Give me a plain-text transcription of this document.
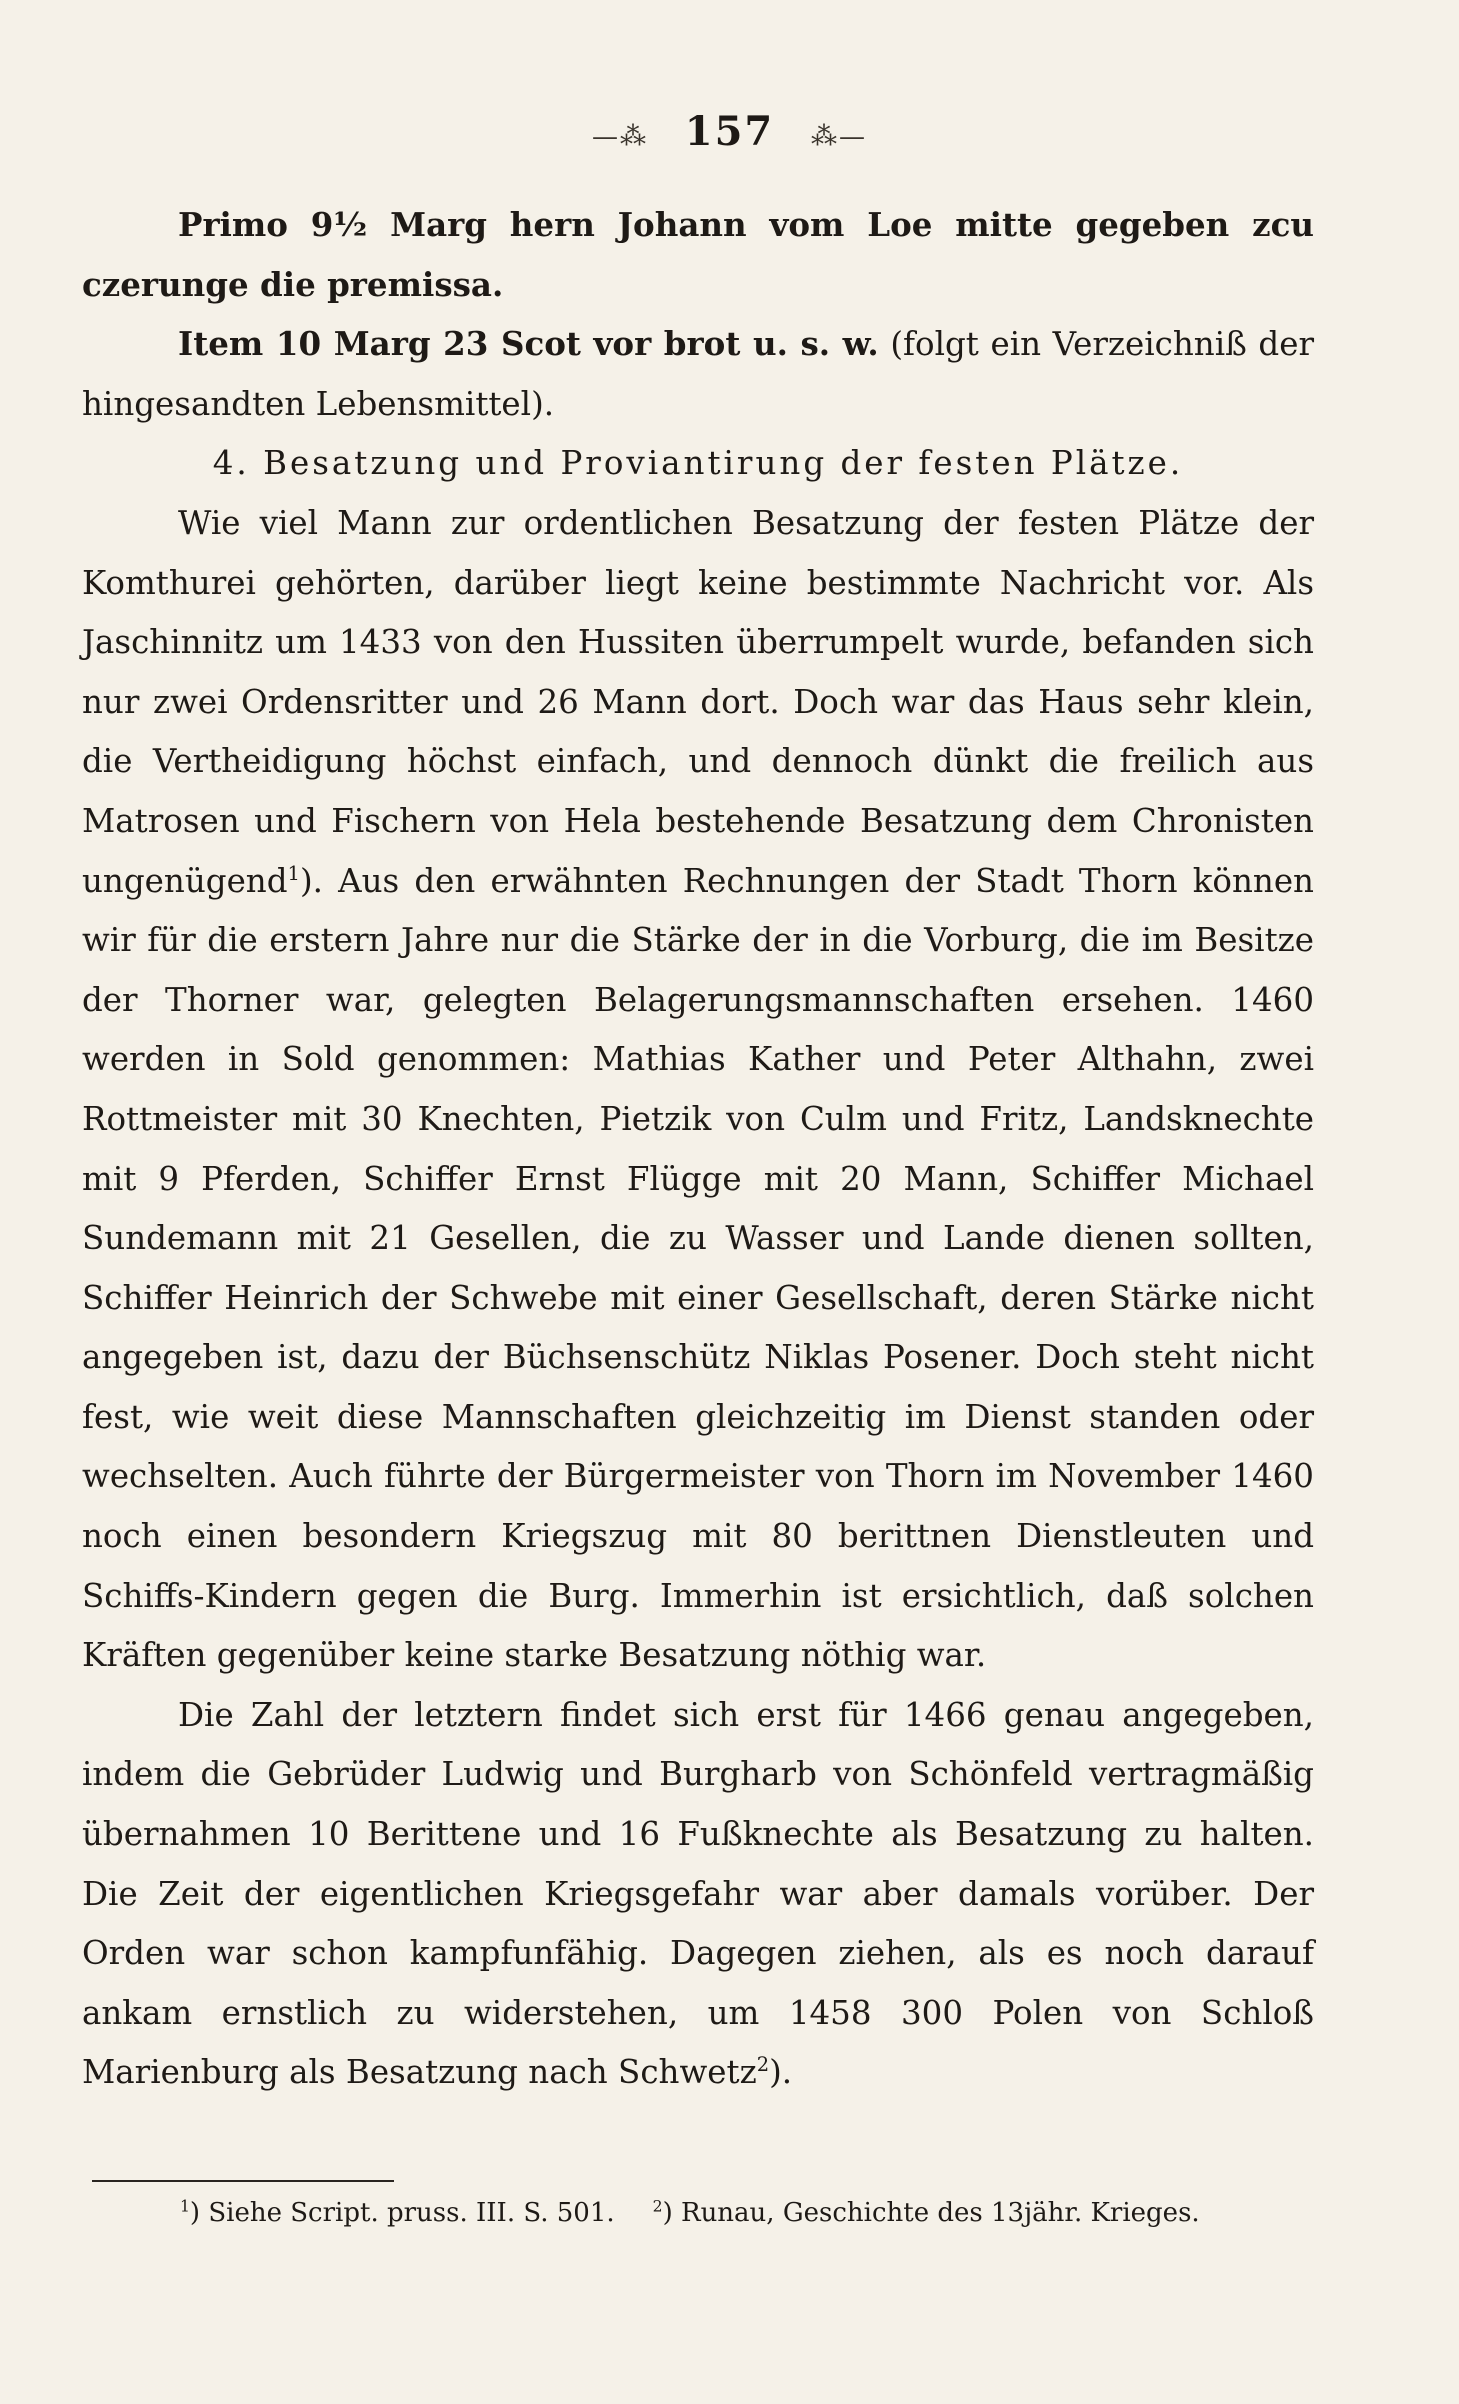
—⁂ 157 ⁂—

Primo 9½ Marg hern Johann vom Loe mitte gegeben zcu czerunge die premissa.

Item 10 Marg 23 Scot vor brot u. s. w. (folgt ein Verzeichniß der hingesandten Lebensmittel).

4. Besatzung und Proviantirung der festen Plätze.

Wie viel Mann zur ordentlichen Besatzung der festen Plätze der Komthurei gehörten, darüber liegt keine bestimmte Nachricht vor. Als Jaschinnitz um 1433 von den Hussiten überrumpelt wurde, befanden sich nur zwei Ordensritter und 26 Mann dort. Doch war das Haus sehr klein, die Vertheidigung höchst einfach, und dennoch dünkt die freilich aus Matrosen und Fischern von Hela bestehende Besatzung dem Chronisten ungenügend$^1$). Aus den erwähnten Rechnungen der Stadt Thorn können wir für die erstern Jahre nur die Stärke der in die Vorburg, die im Besitze der Thorner war, gelegten Belagerungsmannschaften ersehen. 1460 werden in Sold genommen: Mathias Kather und Peter Althahn, zwei Rottmeister mit 30 Knechten, Pietzik von Culm und Fritz, Landsknechte mit 9 Pferden, Schiffer Ernst Flügge mit 20 Mann, Schiffer Michael Sundemann mit 21 Gesellen, die zu Wasser und Lande dienen sollten, Schiffer Heinrich der Schwebe mit einer Gesellschaft, deren Stärke nicht angegeben ist, dazu der Büchsenschütz Niklas Posener. Doch steht nicht fest, wie weit diese Mannschaften gleichzeitig im Dienst standen oder wechselten. Auch führte der Bürgermeister von Thorn im November 1460 noch einen besondern Kriegszug mit 80 berittnen Dienstleuten und Schiffs-Kindern gegen die Burg. Immerhin ist ersichtlich, daß solchen Kräften gegenüber keine starke Besatzung nöthig war.

Die Zahl der letztern findet sich erst für 1466 genau angegeben, indem die Gebrüder Ludwig und Burgharb von Schönfeld vertragmäßig übernahmen 10 Berittene und 16 Fußknechte als Besatzung zu halten. Die Zeit der eigentlichen Kriegsgefahr war aber damals vorüber. Der Orden war schon kampfunfähig. Dagegen ziehen, als es noch darauf ankam ernstlich zu widerstehen, um 1458 300 Polen von Schloß Marienburg als Besatzung nach Schwetz$^2$).

$^1$) Siehe Script. pruss. III. S. 501. $^2$) Runau, Geschichte des 13jähr. Krieges.
